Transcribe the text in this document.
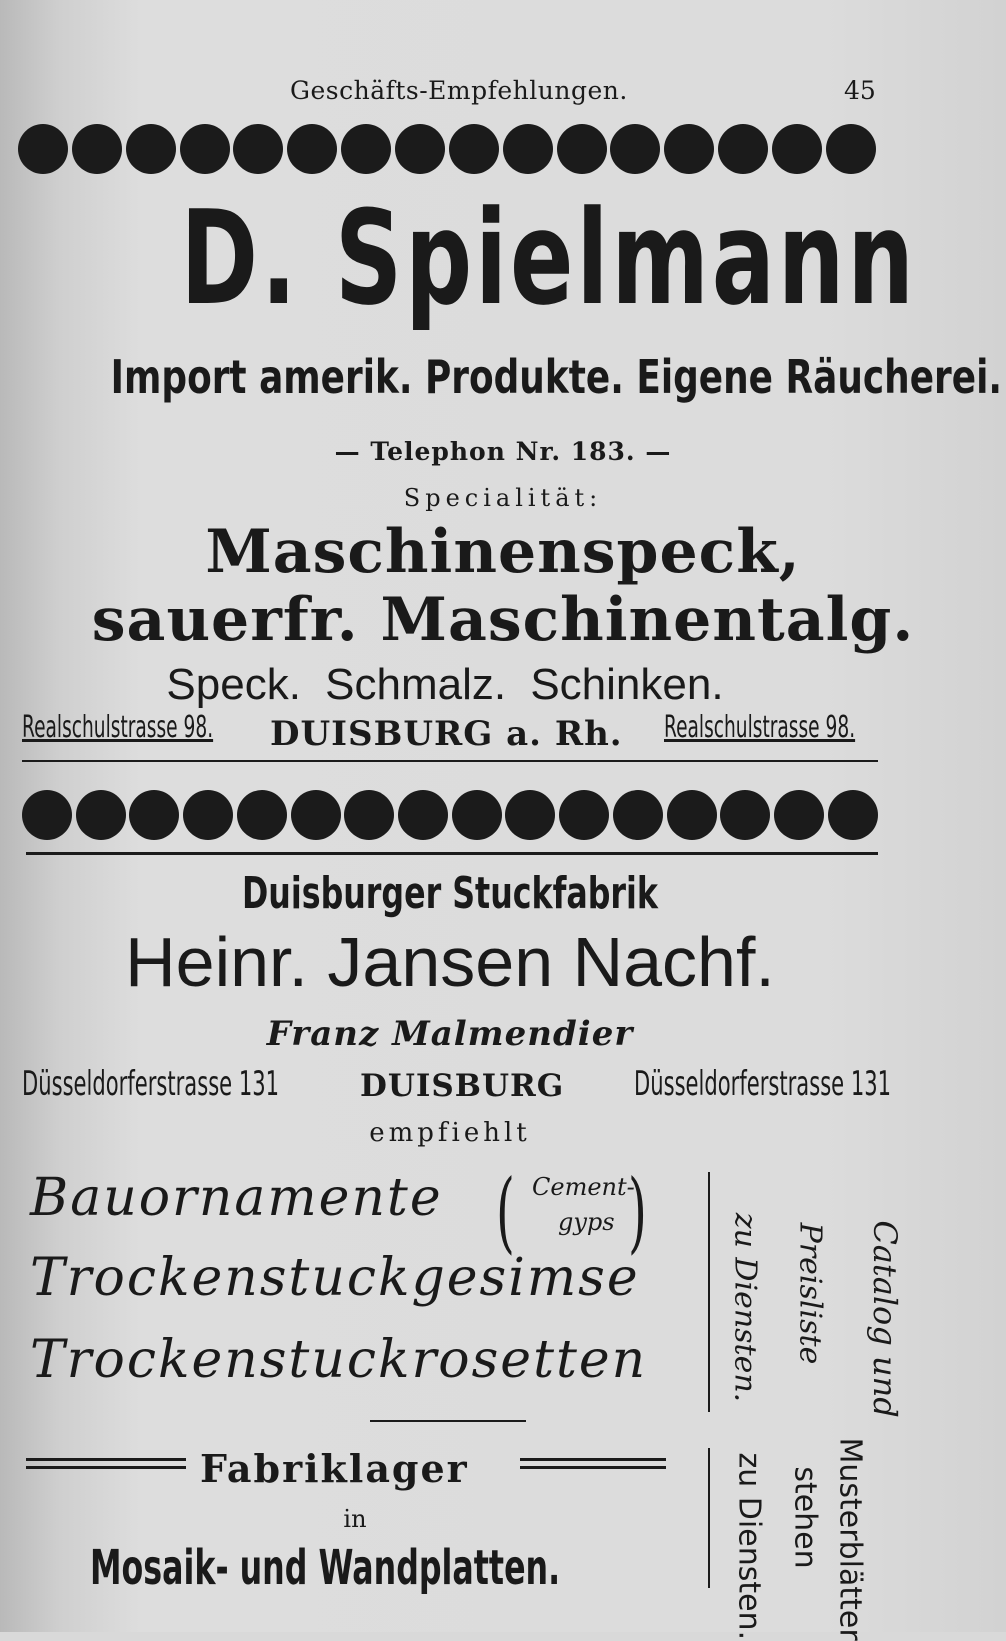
Geschäfts-Empfehlungen.	45
D. Spielmann
Import amerik. Produkte. Eigene Räucherei.
— Telephon Nr. 183. —
Specialität:
Maschinenspeck,
sauerfr. Maschinentalg.
Speck. Schmalz. Schinken.
Realschulstrasse 98. DUISBURG a. Rh. Realschulstrasse 98.
Duisburger Stuckfabrik
Heinr. Jansen Nachf.
Franz Malmendier
Düsseldorferstrasse 131	DUISBURG Düsseldorferstrasse 131
empfiehlt
Bauornamente ( Cement-
gyps )
Trockenstuckgesimse
Trockenstuckrosetten	Catalog und
Preisliste
zu Diensten.
Musterblätter
stehen
zu Diensten.
Fabriklager
in
Mosaik- und Wandplatten.
